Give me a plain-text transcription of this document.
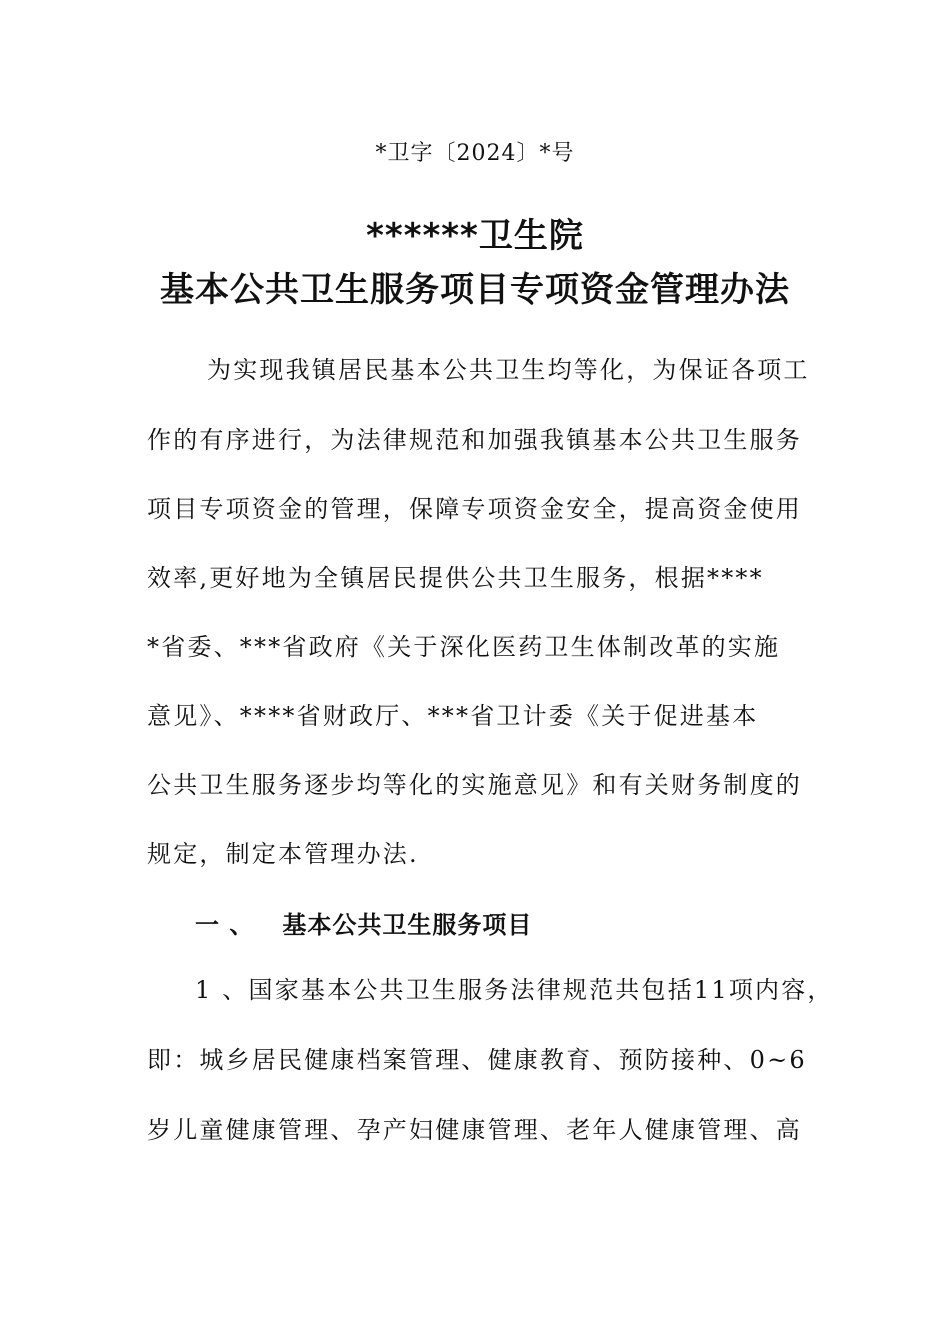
*卫字〔2024〕*号
******卫生院
基本公共卫生服务项目专项资金管理办法
为实现我镇居民基本公共卫生均等化，为保证各项工
作的有序进行，为法律规范和加强我镇基本公共卫生服务
项目专项资金的管理，保障专项资金安全，提高资金使用
效率,更好地为全镇居民提供公共卫生服务，根据****
*省委、***省政府《关于深化医药卫生体制改革的实施
意见》、****省财政厅、***省卫计委《关于促进基本
公共卫生服务逐步均等化的实施意见》和有关财务制度的
规定，制定本管理办法.
一 、 基本公共卫生服务项目
1 、国家基本公共卫生服务法律规范共包括11项内容，
即：城乡居民健康档案管理、健康教育、预防接种、0~6
岁儿童健康管理、孕产妇健康管理、老年人健康管理、高
